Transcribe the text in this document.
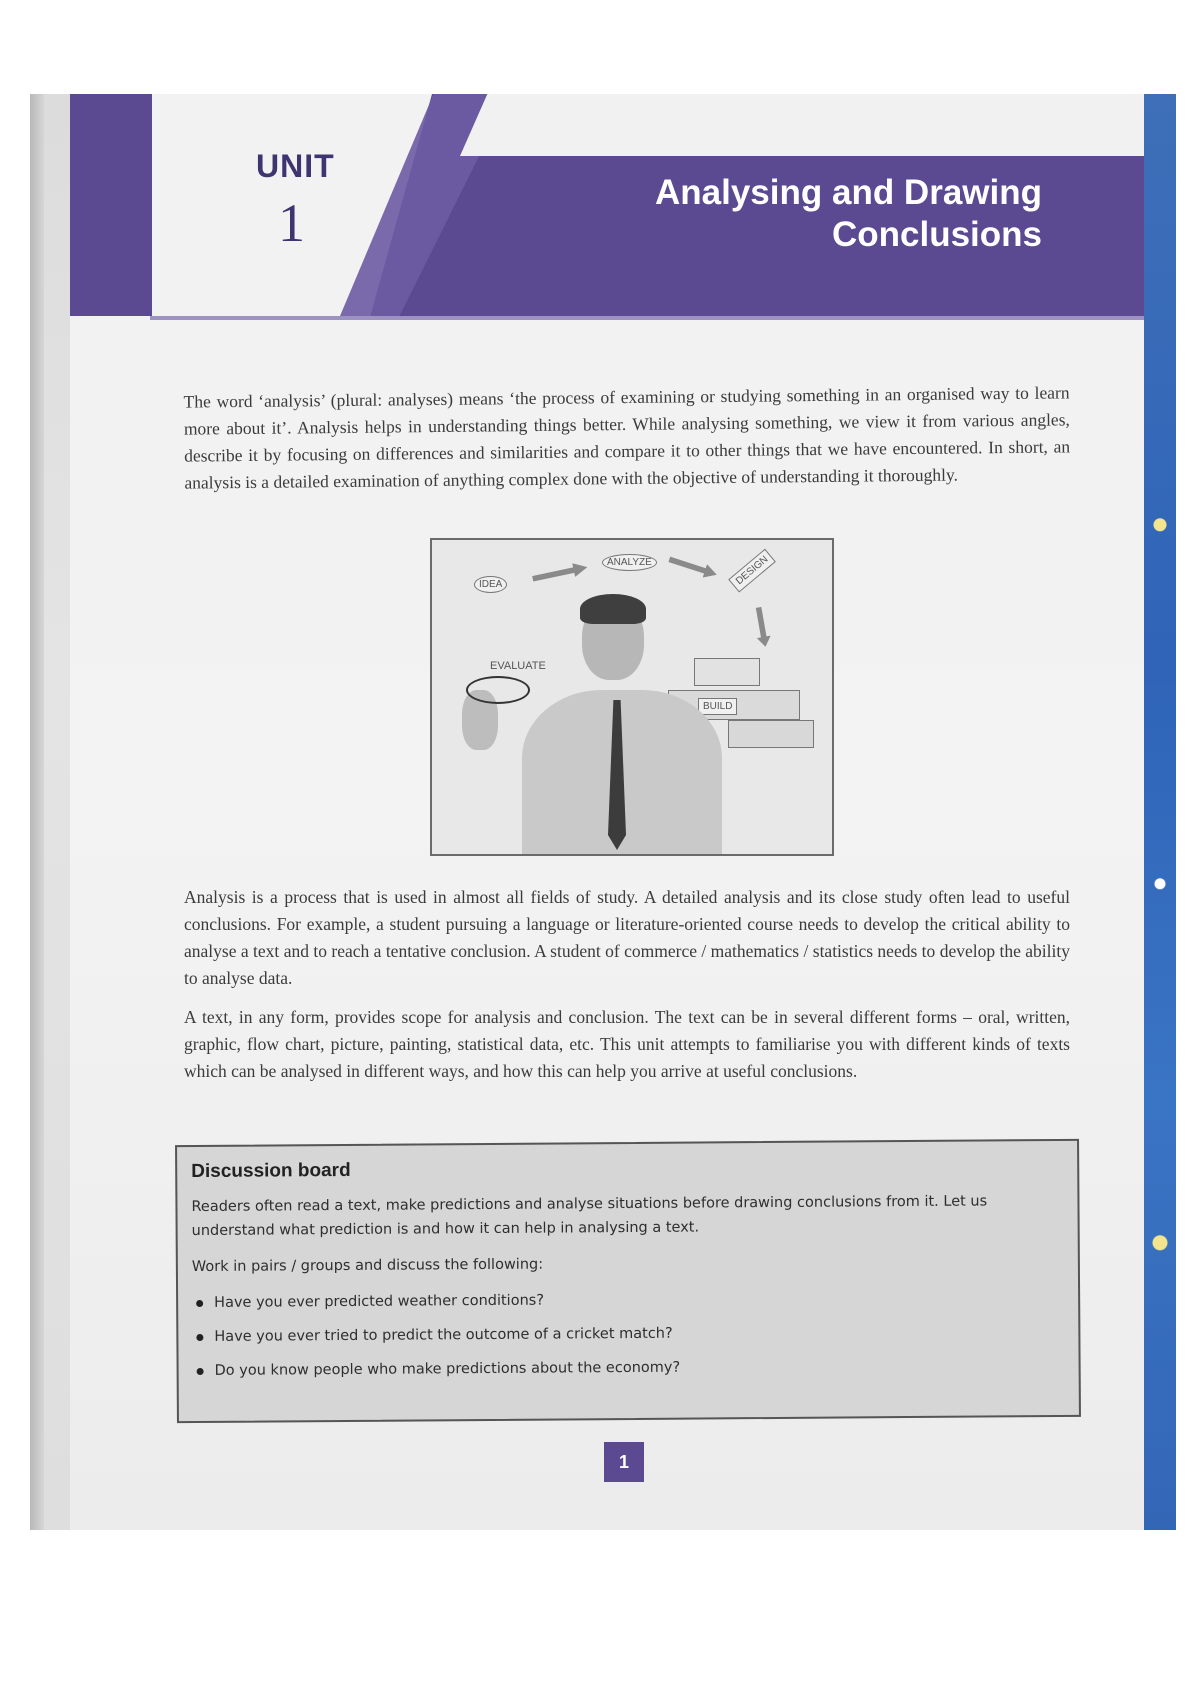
UNIT
1
Analysing and Drawing
Conclusions

The word ‘analysis’ (plural: analyses) means ‘the process of examining or studying something in an organised way to learn more about it’. Analysis helps in understanding things better. While analysing something, we view it from various angles, describe it by focusing on differences and similarities and compare it to other things that we have encountered. In short, an analysis is a detailed examination of anything complex done with the objective of understanding it thoroughly.

IDEA
ANALYZE	DESIGN
EVALUATE
BUILD

Analysis is a process that is used in almost all fields of study. A detailed analysis and its close study often lead to useful conclusions. For example, a student pursuing a language or literature-oriented course needs to develop the critical ability to analyse a text and to reach a tentative conclusion. A student of commerce / mathematics / statistics needs to develop the ability to analyse data.

A text, in any form, provides scope for analysis and conclusion. The text can be in several different forms – oral, written, graphic, flow chart, picture, painting, statistical data, etc. This unit attempts to familiarise you with different kinds of texts which can be analysed in different ways, and how this can help you arrive at useful conclusions.

Discussion board

Readers often read a text, make predictions and analyse situations before drawing conclusions from it. Let us understand what prediction is and how it can help in analysing a text.

Work in pairs / groups and discuss the following:

Have you ever predicted weather conditions?
Have you ever tried to predict the outcome of a cricket match?
Do you know people who make predictions about the economy?
1
